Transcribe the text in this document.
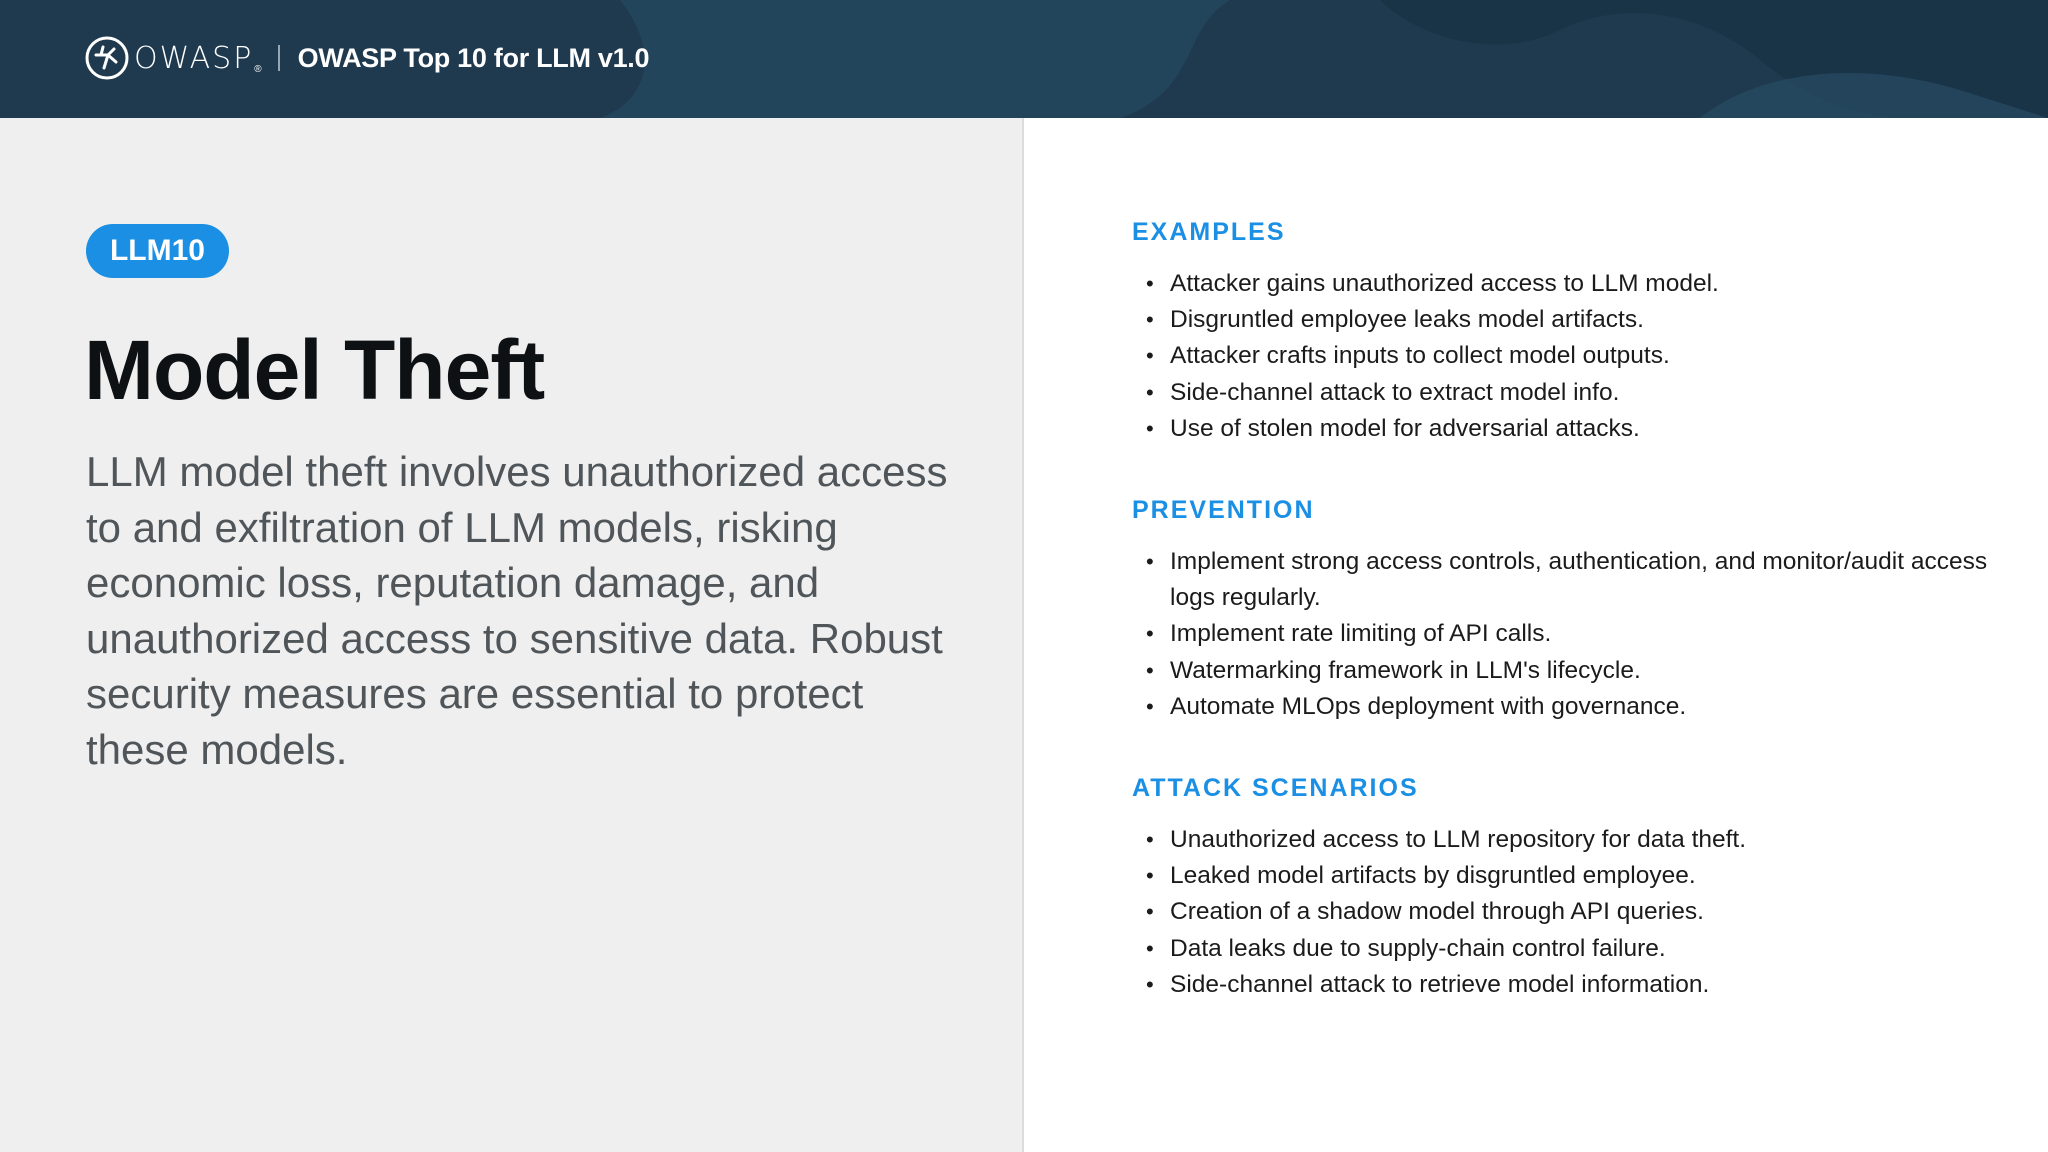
OWASP ® OWASP Top 10 for LLM v1.0
LLM10
Model Theft

LLM model theft involves unauthorized access to and exfiltration of LLM models, risking economic loss, reputation damage, and unauthorized access to sensitive data. Robust security measures are essential to protect these models.

EXAMPLES
• Attacker gains unauthorized access to LLM model.
• Disgruntled employee leaks model artifacts.
• Attacker crafts inputs to collect model outputs.
• Side-channel attack to extract model info.
• Use of stolen model for adversarial attacks.
PREVENTION
• Implement strong access controls, authentication, and monitor/audit access logs regularly.
• Implement rate limiting of API calls.
• Watermarking framework in LLM's lifecycle.
• Automate MLOps deployment with governance.
ATTACK SCENARIOS
• Unauthorized access to LLM repository for data theft.
• Leaked model artifacts by disgruntled employee.
• Creation of a shadow model through API queries.
• Data leaks due to supply-chain control failure.
• Side-channel attack to retrieve model information.
